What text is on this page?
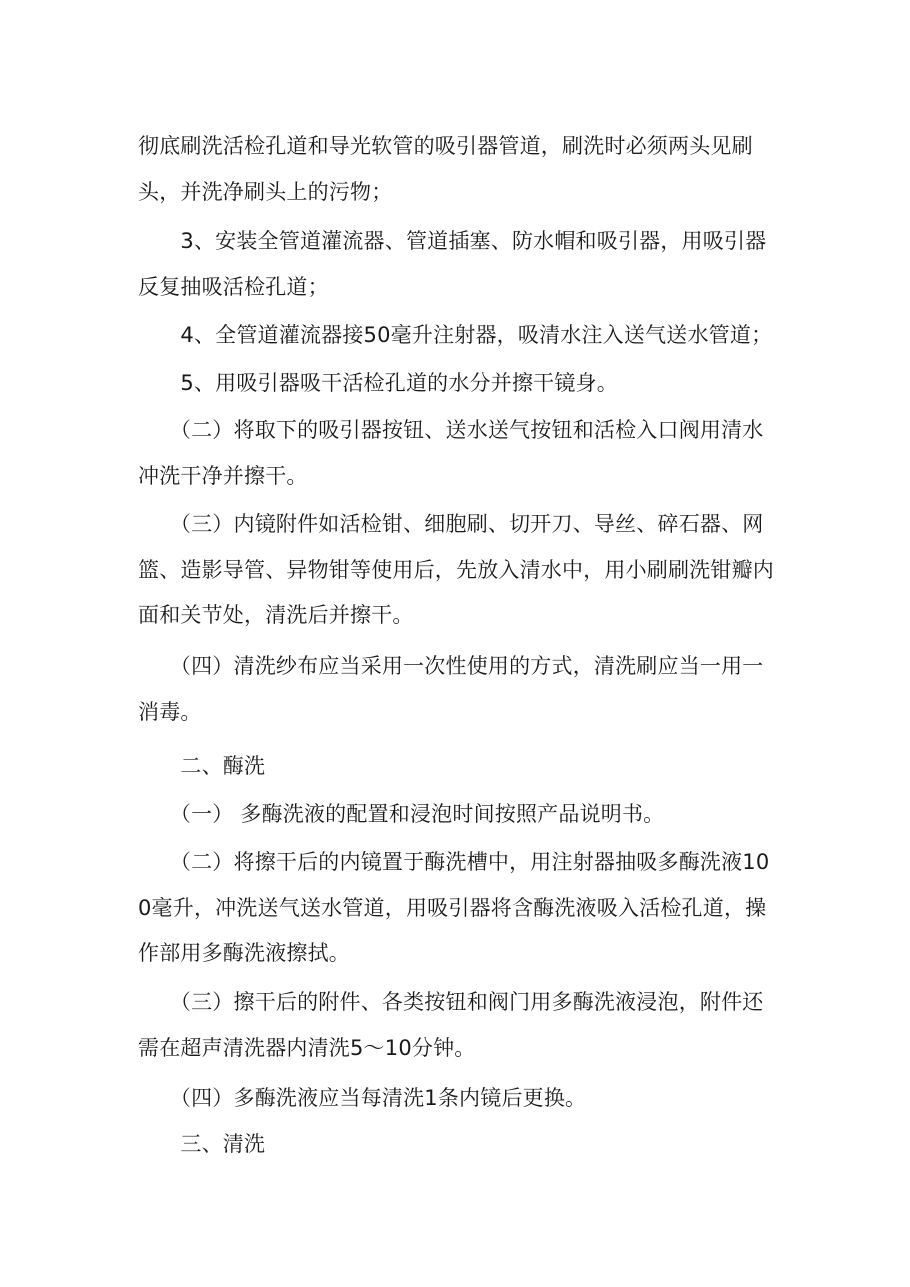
彻底刷洗活检孔道和导光软管的吸引器管道，刷洗时必须两头见刷头，并洗净刷头上的污物；

　　3、安装全管道灌流器、管道插塞、防水帽和吸引器，用吸引器反复抽吸活检孔道；

　　4、全管道灌流器接50毫升注射器，吸清水注入送气送水管道；

　　5、用吸引器吸干活检孔道的水分并擦干镜身。

　　（二）将取下的吸引器按钮、送水送气按钮和活检入口阀用清水冲洗干净并擦干。

　　（三）内镜附件如活检钳、细胞刷、切开刀、导丝、碎石器、网篮、造影导管、异物钳等使用后，先放入清水中，用小刷刷洗钳瓣内面和关节处，清洗后并擦干。

　　（四）清洗纱布应当采用一次性使用的方式，清洗刷应当一用一消毒。

　　二、酶洗

　　（一） 多酶洗液的配置和浸泡时间按照产品说明书。

　　（二）将擦干后的内镜置于酶洗槽中，用注射器抽吸多酶洗液100毫升，冲洗送气送水管道，用吸引器将含酶洗液吸入活检孔道，操作部用多酶洗液擦拭。

　　（三）擦干后的附件、各类按钮和阀门用多酶洗液浸泡，附件还需在超声清洗器内清洗5～10分钟。

　　（四）多酶洗液应当每清洗1条内镜后更换。

　　三、清洗
